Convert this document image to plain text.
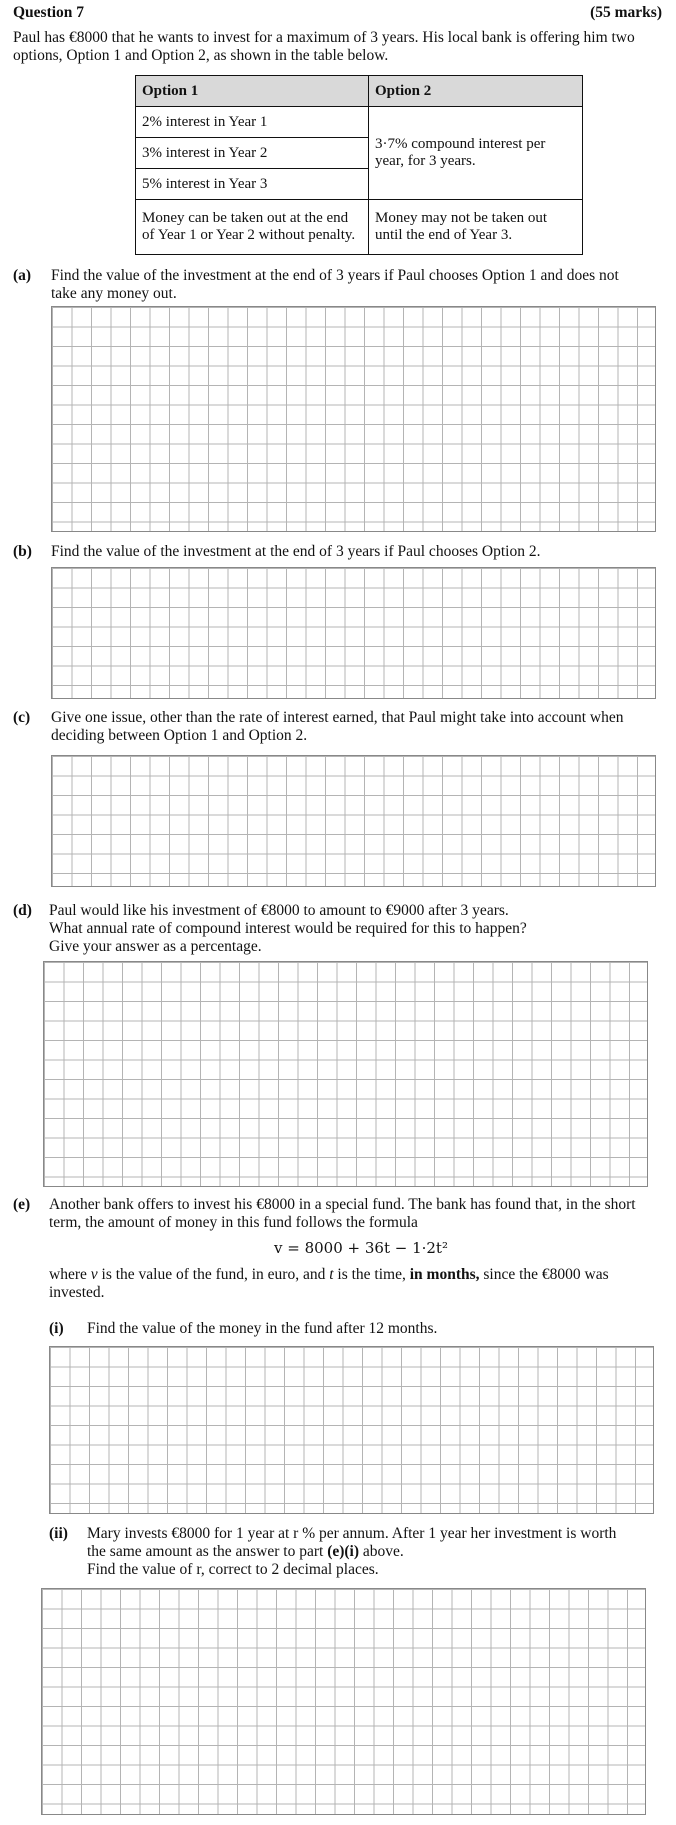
Question 7	(55 marks)
Paul has €8000 that he wants to invest for a maximum of 3 years. His local bank is offering him two
options, Option 1 and Option 2, as shown in the table below.
Option 1	Option 2
2% interest in Year 1	3·7% compound interest per year, for 3 years.
3% interest in Year 2	
5% interest in Year 3	
Money can be taken out at the end of Year 1 or Year 2 without penalty.	Money may not be taken out until the end of Year 3.
(a) Find the value of the investment at the end of 3 years if Paul chooses Option 1 and does not
take any money out.
(b) Find the value of the investment at the end of 3 years if Paul chooses Option 2.
(c) Give one issue, other than the rate of interest earned, that Paul might take into account when
deciding between Option 1 and Option 2.
(d) Paul would like his investment of €8000 to amount to €9000 after 3 years.
What annual rate of compound interest would be required for this to happen?
Give your answer as a percentage.
(e) Another bank offers to invest his €8000 in a special fund. The bank has found that, in the short
term, the amount of money in this fund follows the formula
v = 8000 + 36t − 1·2t²
where v is the value of the fund, in euro, and t is the time, in months, since the €8000 was
invested.
(i) Find the value of the money in the fund after 12 months.
(ii) Mary invests €8000 for 1 year at r % per annum. After 1 year her investment is worth
the same amount as the answer to part (e)(i) above.
Find the value of r, correct to 2 decimal places.
